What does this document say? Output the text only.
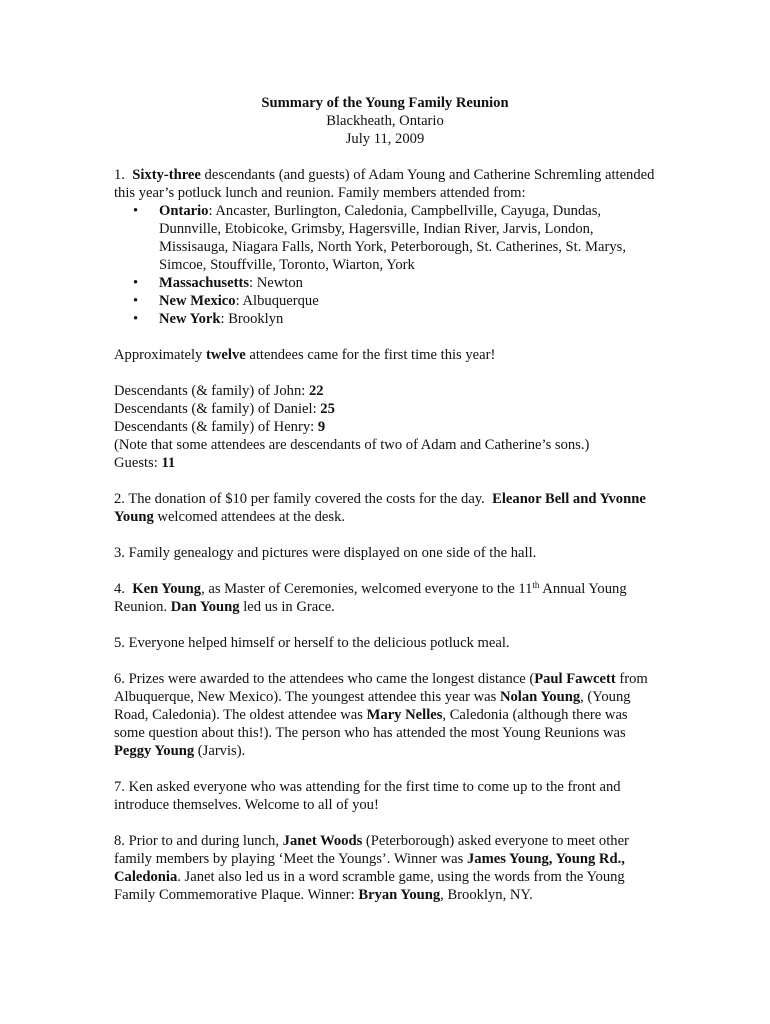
Summary of the Young Family Reunion
Blackheath, Ontario
July 11, 2009

1. Sixty-three descendants (and guests) of Adam Young and Catherine Schremling attended this year’s potluck lunch and reunion. Family members attended from:

• Ontario: Ancaster, Burlington, Caledonia, Campbellville, Cayuga, Dundas, Dunnville, Etobicoke, Grimsby, Hagersville, Indian River, Jarvis, London, Missisauga, Niagara Falls, North York, Peterborough, St. Catherines, St. Marys, Simcoe, Stouffville, Toronto, Wiarton, York
• Massachusetts: Newton
• New Mexico: Albuquerque
• New York: Brooklyn

Approximately twelve attendees came for the first time this year!

Descendants (& family) of John: 22

Descendants (& family) of Daniel: 25

Descendants (& family) of Henry: 9

(Note that some attendees are descendants of two of Adam and Catherine’s sons.)

Guests: 11

2. The donation of $10 per family covered the costs for the day. Eleanor Bell and Yvonne Young welcomed attendees at the desk.

3. Family genealogy and pictures were displayed on one side of the hall.

4. Ken Young, as Master of Ceremonies, welcomed everyone to the 11th Annual Young Reunion. Dan Young led us in Grace.

5. Everyone helped himself or herself to the delicious potluck meal.

6. Prizes were awarded to the attendees who came the longest distance (Paul Fawcett from Albuquerque, New Mexico). The youngest attendee this year was Nolan Young, (Young Road, Caledonia). The oldest attendee was Mary Nelles, Caledonia (although there was some question about this!). The person who has attended the most Young Reunions was Peggy Young (Jarvis).

7. Ken asked everyone who was attending for the first time to come up to the front and introduce themselves. Welcome to all of you!

8. Prior to and during lunch, Janet Woods (Peterborough) asked everyone to meet other family members by playing ‘Meet the Youngs’. Winner was James Young, Young Rd., Caledonia. Janet also led us in a word scramble game, using the words from the Young Family Commemorative Plaque. Winner: Bryan Young, Brooklyn, NY.
